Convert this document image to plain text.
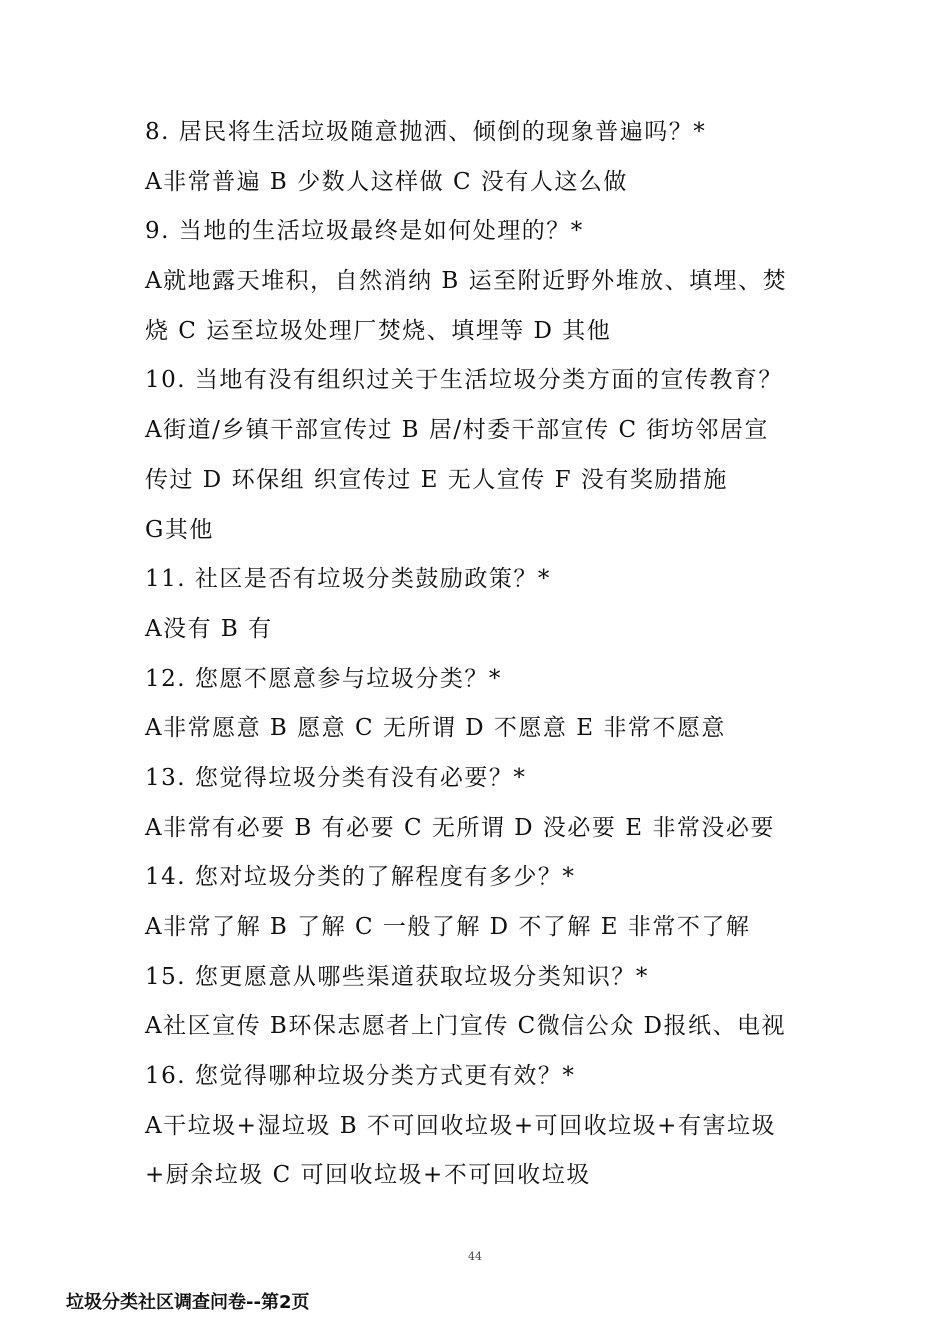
8. 居民将生活垃圾随意抛洒、倾倒的现象普遍吗？*
A非常普遍 B 少数人这样做 C 没有人这么做
9. 当地的生活垃圾最终是如何处理的？*
A就地露天堆积，自然消纳 B 运至附近野外堆放、填埋、焚
烧 C 运至垃圾处理厂焚烧、填埋等 D 其他
10. 当地有没有组织过关于生活垃圾分类方面的宣传教育？
A街道/乡镇干部宣传过 B 居/村委干部宣传 C 街坊邻居宣
传过 D 环保组 织宣传过 E 无人宣传 F 没有奖励措施
G其他
11. 社区是否有垃圾分类鼓励政策？*
A没有 B 有
12. 您愿不愿意参与垃圾分类？*
A非常愿意 B 愿意 C 无所谓 D 不愿意 E 非常不愿意
13. 您觉得垃圾分类有没有必要？*
A非常有必要 B 有必要 C 无所谓 D 没必要 E 非常没必要
14. 您对垃圾分类的了解程度有多少？*
A非常了解 B 了解 C 一般了解 D 不了解 E 非常不了解
15. 您更愿意从哪些渠道获取垃圾分类知识？*
A社区宣传 B环保志愿者上门宣传 C微信公众 D报纸、电视
16. 您觉得哪种垃圾分类方式更有效？*
A干垃圾+湿垃圾 B 不可回收垃圾+可回收垃圾+有害垃圾
+厨余垃圾 C 可回收垃圾+不可回收垃圾
44
垃圾分类社区调查问卷--第2页
